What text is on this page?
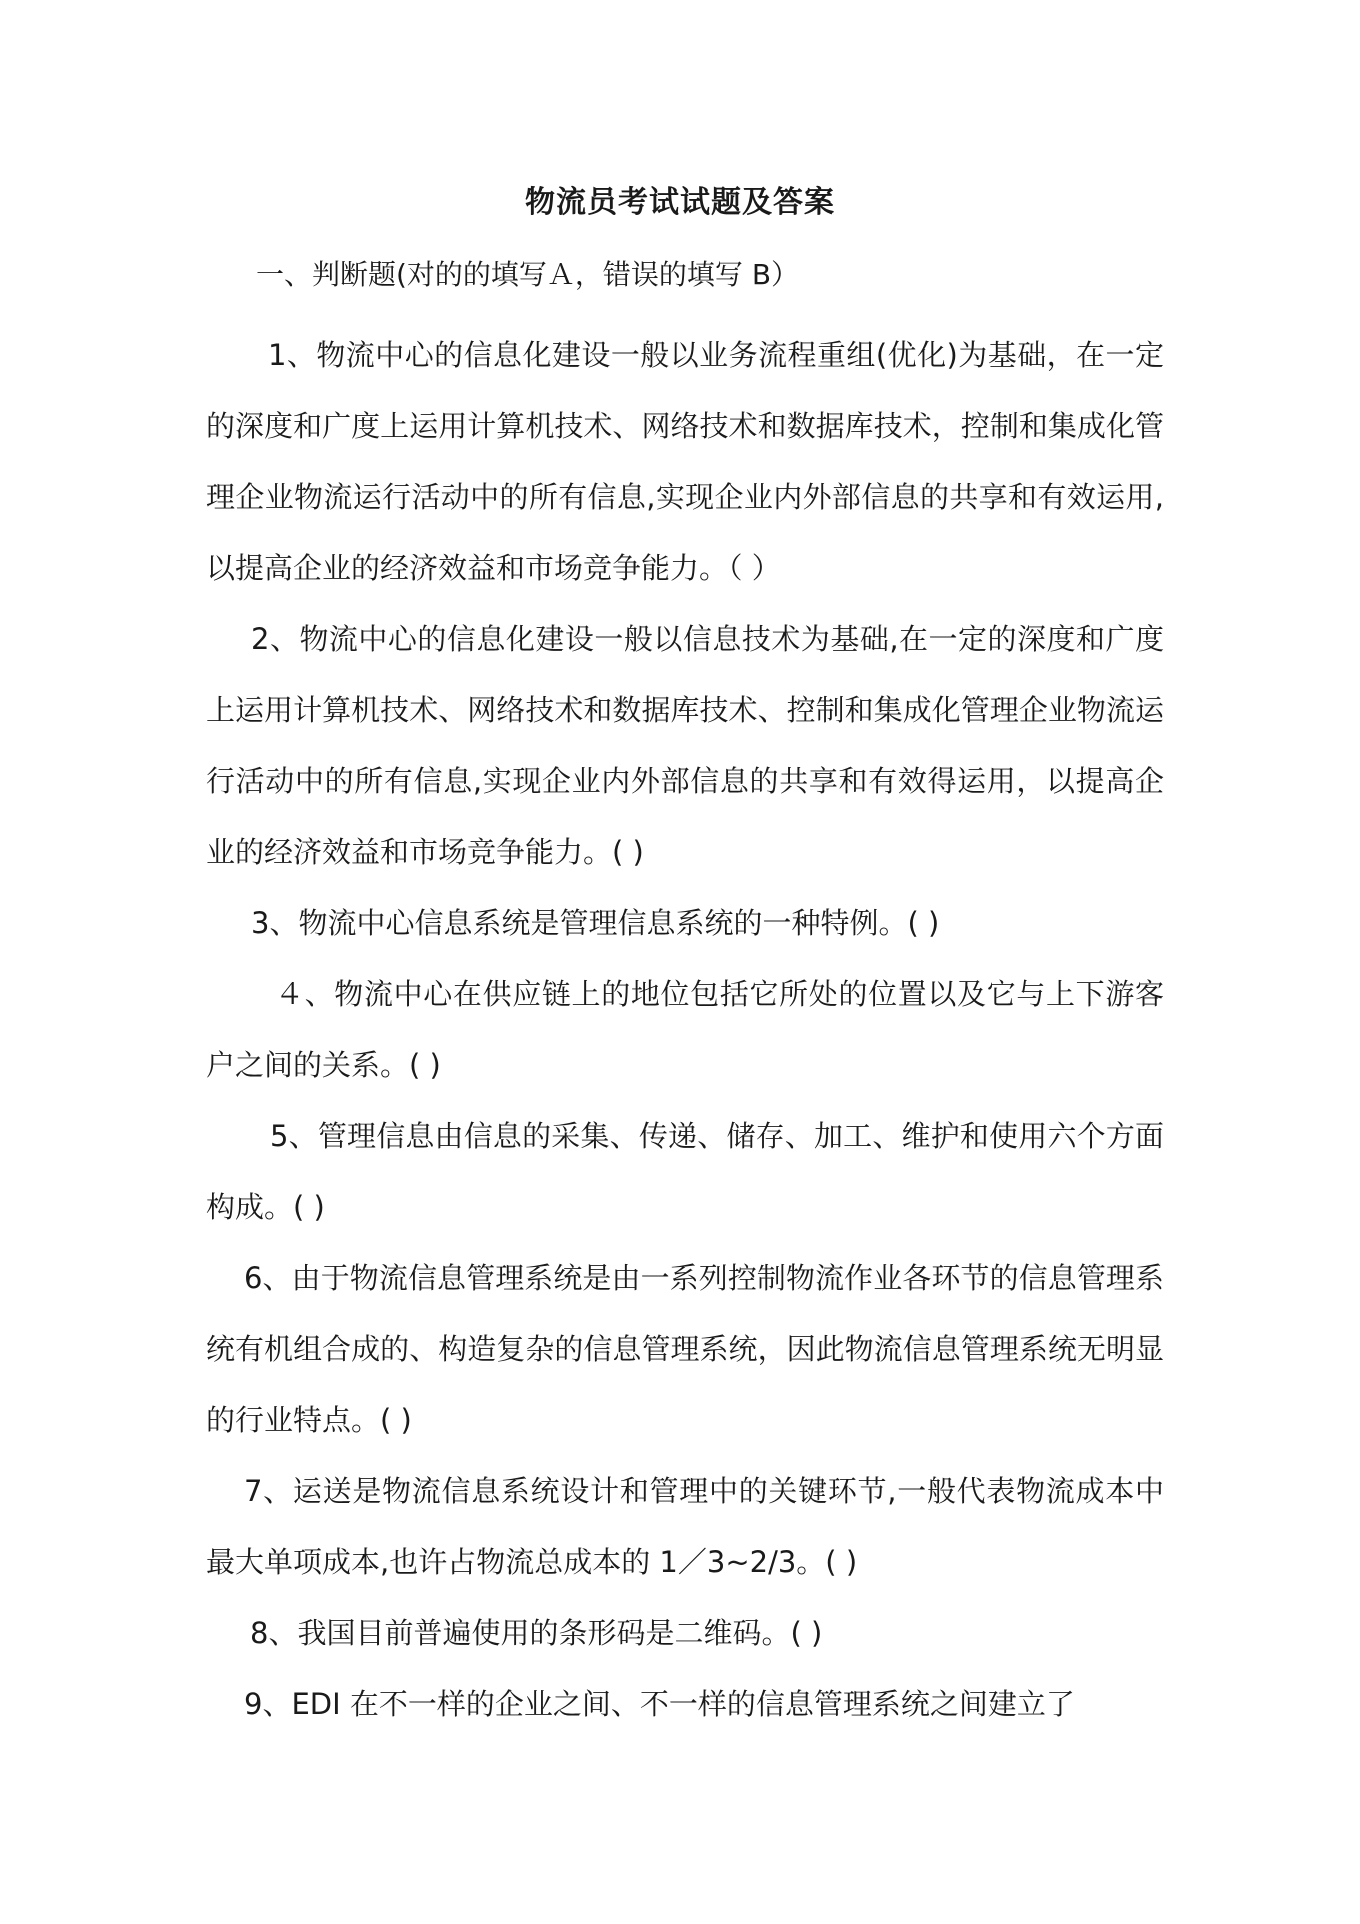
物流员考试试题及答案
一、判断题(对的的填写Ａ，错误的填写 B）

1、物流中心的信息化建设一般以业务流程重组(优化)为基础，在一定的深度和广度上运用计算机技术、网络技术和数据库技术，控制和集成化管理企业物流运行活动中的所有信息,实现企业内外部信息的共享和有效运用,以提高企业的经济效益和市场竞争能力。（ ）

2、物流中心的信息化建设一般以信息技术为基础,在一定的深度和广度上运用计算机技术、网络技术和数据库技术、控制和集成化管理企业物流运行活动中的所有信息,实现企业内外部信息的共享和有效得运用，以提高企业的经济效益和市场竞争能力。( )

3、物流中心信息系统是管理信息系统的一种特例。( )

４、物流中心在供应链上的地位包括它所处的位置以及它与上下游客户之间的关系。( )

5、管理信息由信息的采集、传递、储存、加工、维护和使用六个方面构成。( )

6、由于物流信息管理系统是由一系列控制物流作业各环节的信息管理系统有机组合成的、构造复杂的信息管理系统，因此物流信息管理系统无明显的行业特点。( )

7、运送是物流信息系统设计和管理中的关键环节,一般代表物流成本中最大单项成本,也许占物流总成本的 1／3~2/3。( )

8、我国目前普遍使用的条形码是二维码。( )

9、EDI 在不一样的企业之间、不一样的信息管理系统之间建立了
